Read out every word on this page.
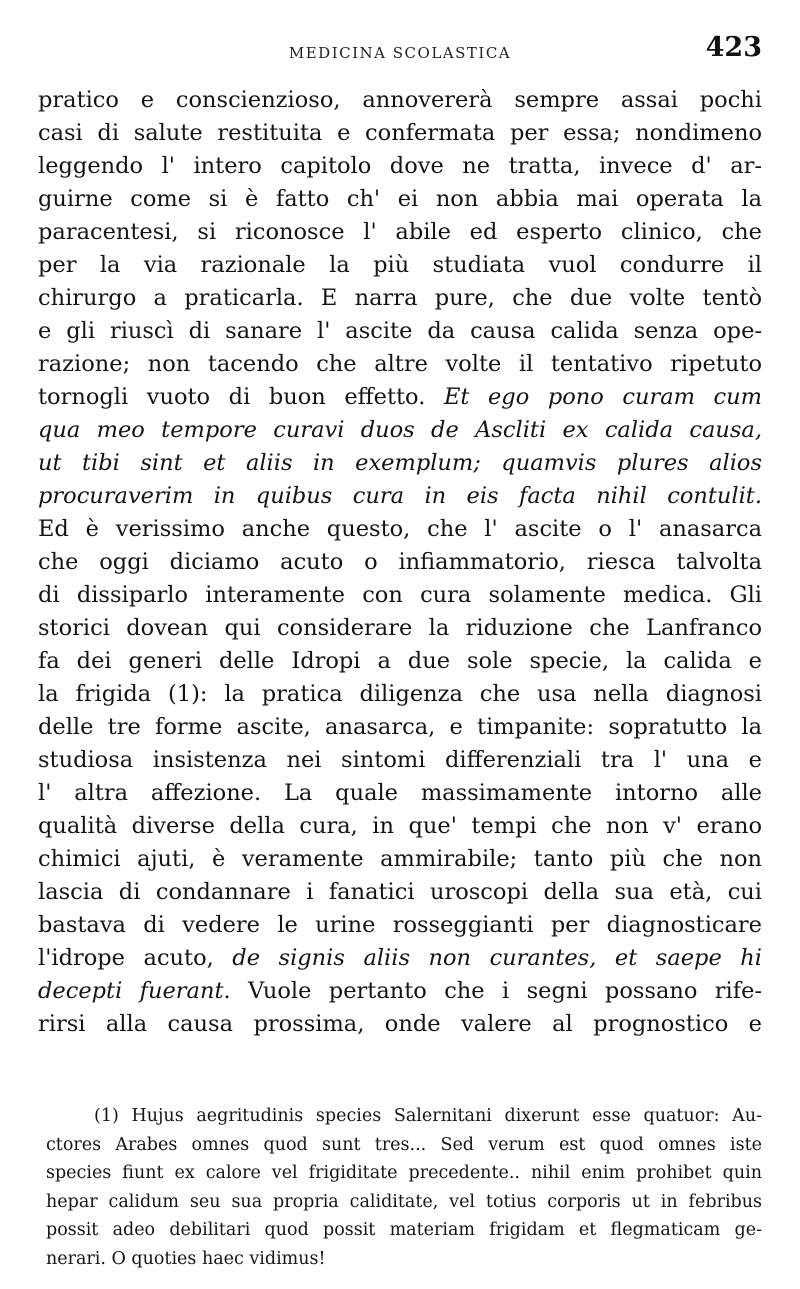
MEDICINA SCOLASTICA	423
pratico e conscienzioso, annovererà sempre assai pochi
casi di salute restituita e confermata per essa; nondimeno
leggendo l' intero capitolo dove ne tratta, invece d' ar-
guirne come si è fatto ch' ei non abbia mai operata la
paracentesi, si riconosce l' abile ed esperto clinico, che
per la via razionale la più studiata vuol condurre il
chirurgo a praticarla. E narra pure, che due volte tentò
e gli riuscì di sanare l' ascite da causa calida senza ope-
razione; non tacendo che altre volte il tentativo ripetuto
tornogli vuoto di buon effetto. Et ego pono curam cum
qua meo tempore curavi duos de Ascliti ex calida causa,
ut tibi sint et aliis in exemplum; quamvis plures alios
procuraverim in quibus cura in eis facta nihil contulit.
Ed è verissimo anche questo, che l' ascite o l' anasarca
che oggi diciamo acuto o infiammatorio, riesca talvolta
di dissiparlo interamente con cura solamente medica. Gli
storici dovean qui considerare la riduzione che Lanfranco
fa dei generi delle Idropi a due sole specie, la calida e
la frigida (1): la pratica diligenza che usa nella diagnosi
delle tre forme ascite, anasarca, e timpanite: sopratutto la
studiosa insistenza nei sintomi differenziali tra l' una e
l' altra affezione. La quale massimamente intorno alle
qualità diverse della cura, in que' tempi che non v' erano
chimici ajuti, è veramente ammirabile; tanto più che non
lascia di condannare i fanatici uroscopi della sua età, cui
bastava di vedere le urine rosseggianti per diagnosticare
l'idrope acuto, de signis aliis non curantes, et saepe hi
decepti fuerant. Vuole pertanto che i segni possano rife-
rirsi alla causa prossima, onde valere al prognostico e
(1) Hujus aegritudinis species Salernitani dixerunt esse quatuor: Au-
ctores Arabes omnes quod sunt tres... Sed verum est quod omnes iste
species fiunt ex calore vel frigiditate precedente.. nihil enim prohibet quin
hepar calidum seu sua propria caliditate, vel totius corporis ut in febribus
possit adeo debilitari quod possit materiam frigidam et flegmaticam ge-
nerari. O quoties haec vidimus!
